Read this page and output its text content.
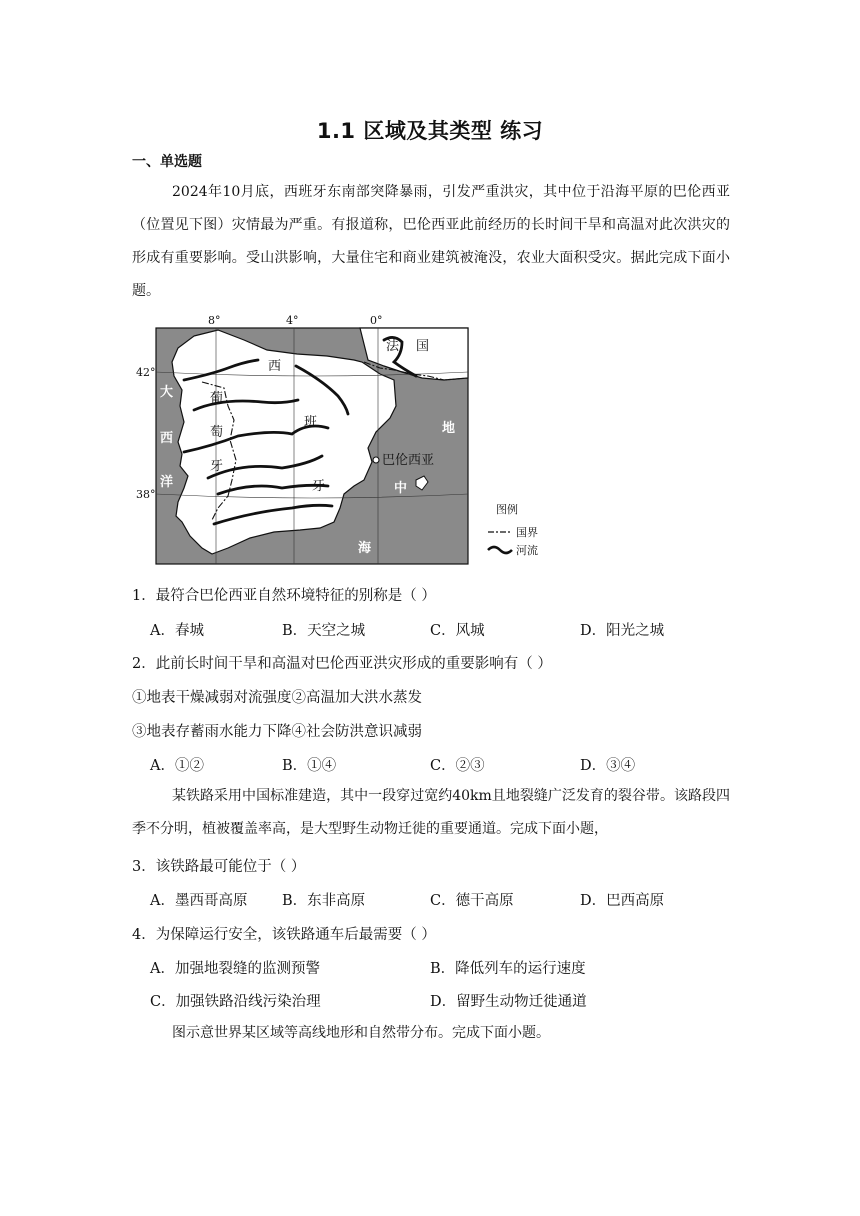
1.1 区域及其类型 练习
一、单选题
2024年10月底，西班牙东南部突降暴雨，引发严重洪灾，其中位于沿海平原的巴伦西亚（位置见下图）灾情最为严重。有报道称，巴伦西亚此前经历的长时间干旱和高温对此次洪灾的形成有重要影响。受山洪影响，大量住宅和商业建筑被淹没，农业大面积受灾。据此完成下面小题。
8°	4°	0°
42°
38°
西
班
牙
葡
萄
牙
法 国
巴伦西亚
大
西
洋
地
中
海
图例
国界
河流
1．最符合巴伦西亚自然环境特征的别称是（ ）
A．春城	B．天空之城	C．风城	D．阳光之城
2．此前长时间干旱和高温对巴伦西亚洪灾形成的重要影响有（ ）
①地表干燥减弱对流强度②高温加大洪水蒸发
③地表存蓄雨水能力下降④社会防洪意识减弱
A．①②	B．①④	C．②③	D．③④
某铁路采用中国标准建造，其中一段穿过宽约40km且地裂缝广泛发育的裂谷带。该路段四季不分明，植被覆盖率高，是大型野生动物迁徙的重要通道。完成下面小题，
3．该铁路最可能位于（ ）
A．墨西哥高原 B．东非高原	C．德干高原	D．巴西高原
4．为保障运行安全，该铁路通车后最需要（ ）
A．加强地裂缝的监测预警	B．降低列车的运行速度
C．加强铁路沿线污染治理	D．留野生动物迁徙通道
图示意世界某区域等高线地形和自然带分布。完成下面小题。
